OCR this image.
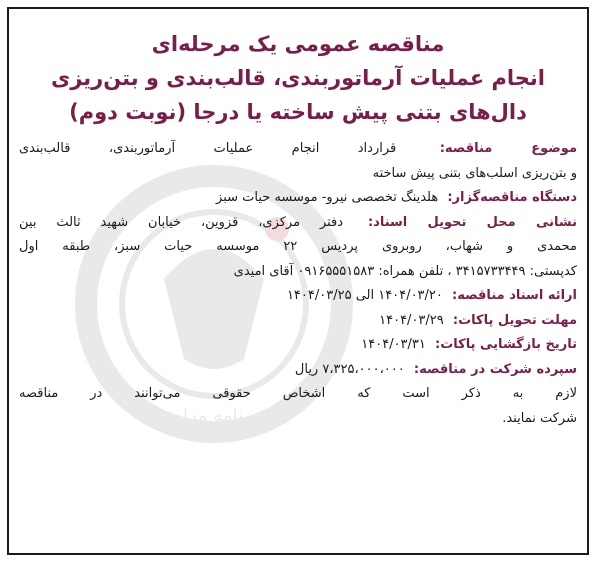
روزنامه مزایده
مناقصه عمومی یک مرحله‌ای
انجام عملیات آرماتوربندی، قالب‌بندی و بتن‌ریزی
دال‌های بتنی پیش ساخته یا درجا (نوبت دوم)
موضوع مناقصه: قرارداد انجام عملیات آرماتوربندی، قالب‌بندی
و بتن‌ریزی اسلب‌های بتنی پیش ساخته
دستگاه مناقصه‌گزار: هلدینگ تخصصی نیرو- موسسه حیات سبز
نشانی محل تحویل اسناد: دفتر مرکزی، قزوین، خیابان شهید ثالث بین
محمدی و شهاب، روبروی پردیس ۲۲ موسسه حیات سبز، طبقه اول
کدپستی: ۳۴۱۵۷۳۳۴۴۹ ، تلفن همراه: ۰۹۱۶۵۵۵۱۵۸۳ آقای امیدی
ارائه اسناد مناقصه: ۱۴۰۴/۰۳/۲۰ الی ۱۴۰۴/۰۳/۲۵
مهلت تحویل پاکات: ۱۴۰۴/۰۳/۲۹
تاریخ بازگشایی پاکات: ۱۴۰۴/۰۳/۳۱
سپرده شرکت در مناقصه: ۷،۳۲۵،۰۰۰،۰۰۰ ریال
لازم به ذکر است که اشخاص حقوقی می‌توانند در مناقصه
شرکت نمایند.
